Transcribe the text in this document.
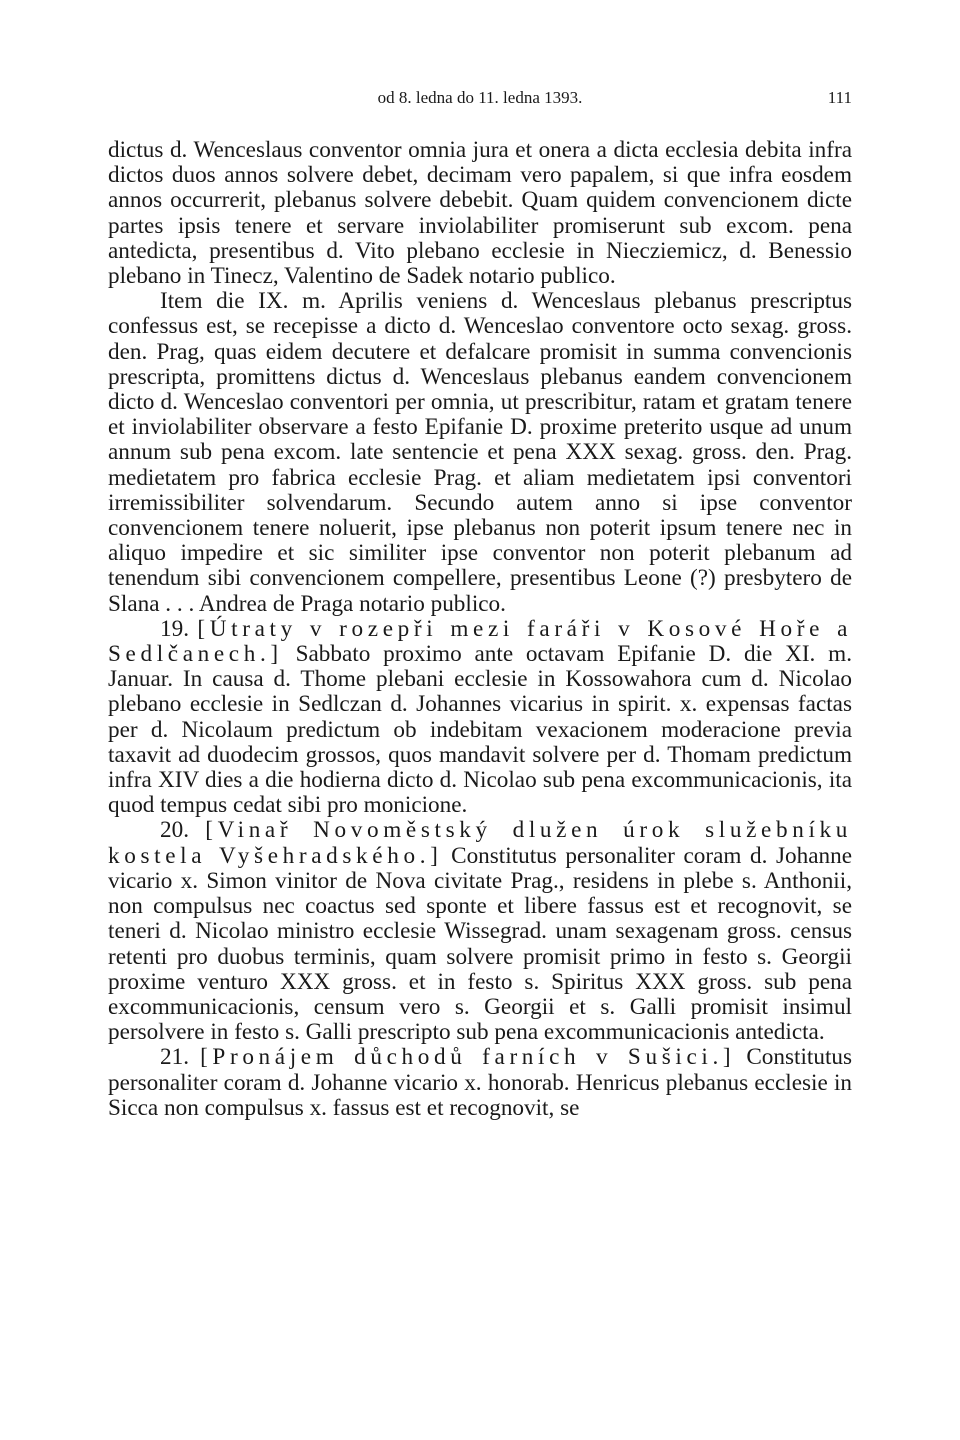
od 8. ledna do 11. ledna 1393.	111

dictus d. Wenceslaus conventor omnia jura et onera a dicta ecclesia debita infra dictos duos annos solvere debet, decimam vero papalem, si que infra eosdem annos occurrerit, plebanus solvere debebit. Quam quidem convencionem dicte partes ipsis tenere et servare inviolabiliter promiserunt sub excom. pena antedicta, presentibus d. Vito plebano ecclesie in Niecziemicz, d. Benessio plebano in Tinecz, Valentino de Sadek notario publico.

Item die IX. m. Aprilis veniens d. Wenceslaus plebanus prescriptus confessus est, se recepisse a dicto d. Wenceslao conventore octo sexag. gross. den. Prag, quas eidem decutere et defalcare promisit in summa convencionis prescripta, promittens dictus d. Wenceslaus plebanus eandem convencionem dicto d. Wenceslao conventori per omnia, ut prescribitur, ratam et gratam tenere et inviolabiliter observare a festo Epifanie D. proxime preterito usque ad unum annum sub pena excom. late sentencie et pena XXX sexag. gross. den. Prag. medietatem pro fabrica ecclesie Prag. et aliam medietatem ipsi conventori irremissibiliter solvendarum. Secundo autem anno si ipse conventor convencionem tenere noluerit, ipse plebanus non poterit ipsum tenere nec in aliquo impedire et sic similiter ipse conventor non poterit plebanum ad tenendum sibi convencionem compellere, presentibus Leone (?) presbytero de Slana . . . Andrea de Praga notario publico.

19. [Útraty v rozepři mezi faráři v Kosové Hoře a Sedlčanech.] Sabbato proximo ante octavam Epifanie D. die XI. m. Januar. In causa d. Thome plebani ecclesie in Kossowahora cum d. Nicolao plebano ecclesie in Sedlczan d. Johannes vicarius in spirit. x. expensas factas per d. Nicolaum predictum ob indebitam vexacionem moderacione previa taxavit ad duodecim grossos, quos mandavit solvere per d. Thomam predictum infra XIV dies a die hodierna dicto d. Nicolao sub pena excommunicacionis, ita quod tempus cedat sibi pro monicione.

20. [Vinař Novoměstský dlužen úrok služebníku kostela Vyšehradského.] Constitutus personaliter coram d. Johanne vicario x. Simon vinitor de Nova civitate Prag., residens in plebe s. Anthonii, non compulsus nec coactus sed sponte et libere fassus est et recognovit, se teneri d. Nicolao ministro ecclesie Wissegrad. unam sexagenam gross. census retenti pro duobus terminis, quam solvere promisit primo in festo s. Georgii proxime venturo XXX gross. et in festo s. Spiritus XXX gross. sub pena excommunicacionis, censum vero s. Georgii et s. Galli promisit insimul persolvere in festo s. Galli prescripto sub pena excommunicacionis antedicta.

21. [Pronájem důchodů farních v Sušici.] Constitutus personaliter coram d. Johanne vicario x. honorab. Henricus plebanus ecclesie in Sicca non compulsus x. fassus est et recognovit, se
